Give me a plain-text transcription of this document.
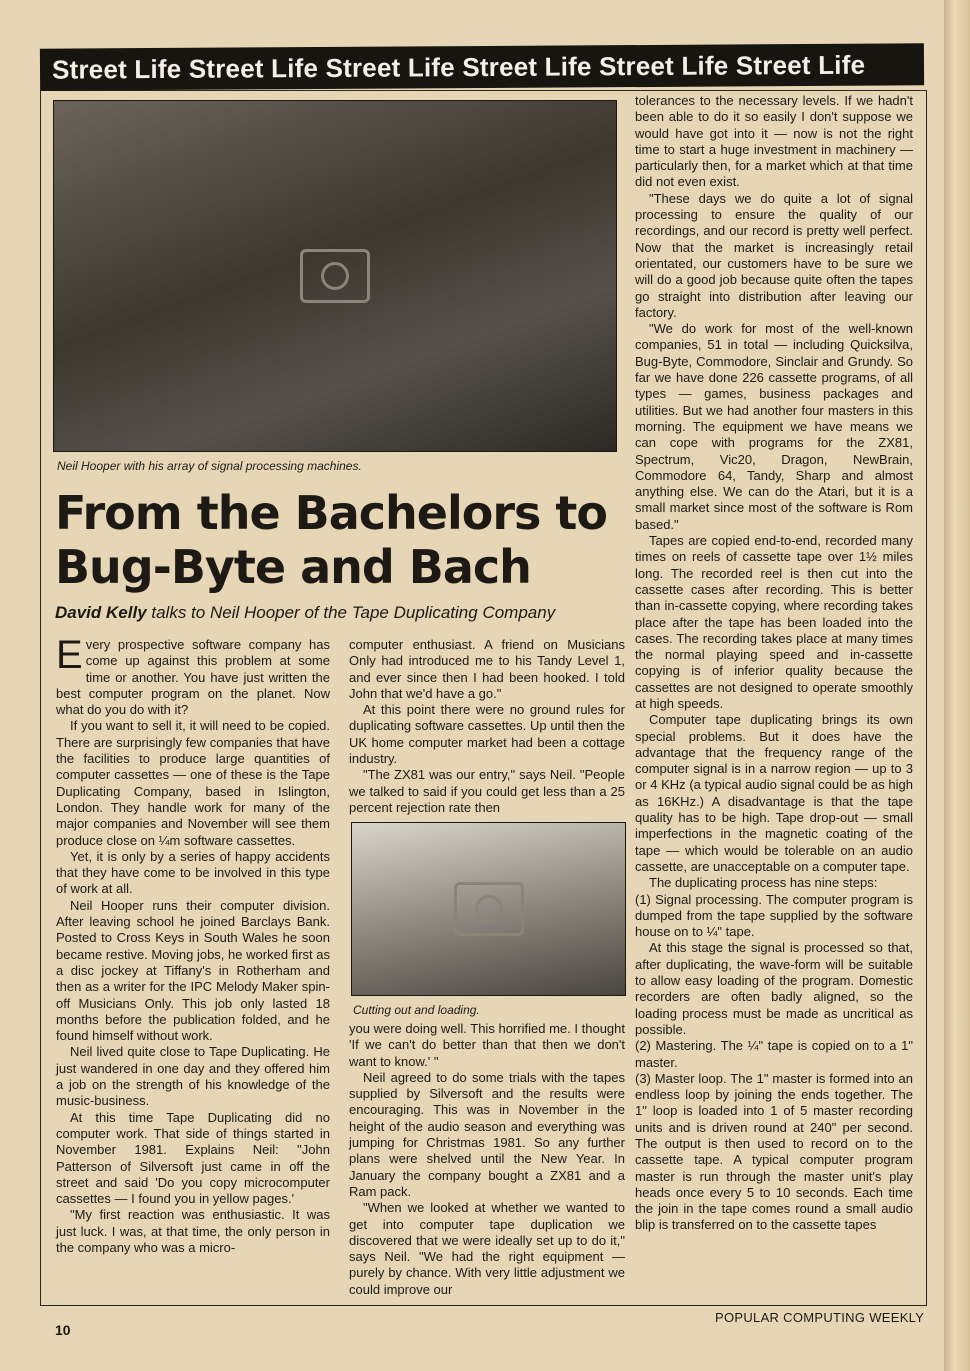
Street Life Street Life Street Life Street Life Street Life Street Life
Neil Hooper with his array of signal processing machines.
From the Bachelors to
Bug-Byte and Bach
David Kelly talks to Neil Hooper of the Tape Duplicating Company

Every prospective software company has come up against this problem at some time or another. You have just written the best computer program on the planet. Now what do you do with it?

If you want to sell it, it will need to be copied. There are surprisingly few companies that have the facilities to produce large quantities of computer cassettes — one of these is the Tape Duplicating Company, based in Islington, London. They handle work for many of the major companies and November will see them produce close on ¼m software cassettes.

Yet, it is only by a series of happy accidents that they have come to be involved in this type of work at all.

Neil Hooper runs their computer division. After leaving school he joined Barclays Bank. Posted to Cross Keys in South Wales he soon became restive. Moving jobs, he worked first as a disc jockey at Tiffany's in Rotherham and then as a writer for the IPC Melody Maker spin-off Musicians Only. This job only lasted 18 months before the publication folded, and he found himself without work.

Neil lived quite close to Tape Duplicating. He just wandered in one day and they offered him a job on the strength of his knowledge of the music-business.

At this time Tape Duplicating did no computer work. That side of things started in November 1981. Explains Neil: "John Patterson of Silversoft just came in off the street and said 'Do you copy microcomputer cassettes — I found you in yellow pages.'

"My first reaction was enthusiastic. It was just luck. I was, at that time, the only person in the company who was a micro-

computer enthusiast. A friend on Musicians Only had introduced me to his Tandy Level 1, and ever since then I had been hooked. I told John that we'd have a go."

At this point there were no ground rules for duplicating software cassettes. Up until then the UK home computer market had been a cottage industry.

"The ZX81 was our entry," says Neil. "People we talked to said if you could get less than a 25 percent rejection rate then

Cutting out and loading.

you were doing well. This horrified me. I thought 'If we can't do better than that then we don't want to know.' "

Neil agreed to do some trials with the tapes supplied by Silversoft and the results were encouraging. This was in November in the height of the audio season and everything was jumping for Christmas 1981. So any further plans were shelved until the New Year. In January the company bought a ZX81 and a Ram pack.

"When we looked at whether we wanted to get into computer tape duplication we discovered that we were ideally set up to do it," says Neil. "We had the right equipment — purely by chance. With very little adjustment we could improve our

tolerances to the necessary levels. If we hadn't been able to do it so easily I don't suppose we would have got into it — now is not the right time to start a huge investment in machinery — particularly then, for a market which at that time did not even exist.

"These days we do quite a lot of signal processing to ensure the quality of our recordings, and our record is pretty well perfect. Now that the market is increasingly retail orientated, our customers have to be sure we will do a good job because quite often the tapes go straight into distribution after leaving our factory.

"We do work for most of the well-known companies, 51 in total — including Quicksilva, Bug-Byte, Commodore, Sinclair and Grundy. So far we have done 226 cassette programs, of all types — games, business packages and utilities. But we had another four masters in this morning. The equipment we have means we can cope with programs for the ZX81, Spectrum, Vic20, Dragon, NewBrain, Commodore 64, Tandy, Sharp and almost anything else. We can do the Atari, but it is a small market since most of the software is Rom based."

Tapes are copied end-to-end, recorded many times on reels of cassette tape over 1½ miles long. The recorded reel is then cut into the cassette cases after recording. This is better than in-cassette copying, where recording takes place after the tape has been loaded into the cases. The recording takes place at many times the normal playing speed and in-cassette copying is of inferior quality because the cassettes are not designed to operate smoothly at high speeds.

Computer tape duplicating brings its own special problems. But it does have the advantage that the frequency range of the computer signal is in a narrow region — up to 3 or 4 KHz (a typical audio signal could be as high as 16KHz.) A disadvantage is that the tape quality has to be high. Tape drop-out — small imperfections in the magnetic coating of the tape — which would be tolerable on an audio cassette, are unacceptable on a computer tape.

The duplicating process has nine steps:

(1) Signal processing. The computer program is dumped from the tape supplied by the software house on to ¼" tape.

At this stage the signal is processed so that, after duplicating, the wave-form will be suitable to allow easy loading of the program. Domestic recorders are often badly aligned, so the loading process must be made as uncritical as possible.

(2) Mastering. The ¼" tape is copied on to a 1" master.

(3) Master loop. The 1" master is formed into an endless loop by joining the ends together. The 1" loop is loaded into 1 of 5 master recording units and is driven round at 240" per second. The output is then used to record on to the cassette tape. A typical computer program master is run through the master unit's play heads once every 5 to 10 seconds. Each time the join in the tape comes round a small audio blip is transferred on to the cassette tapes

10
POPULAR COMPUTING WEEKLY
